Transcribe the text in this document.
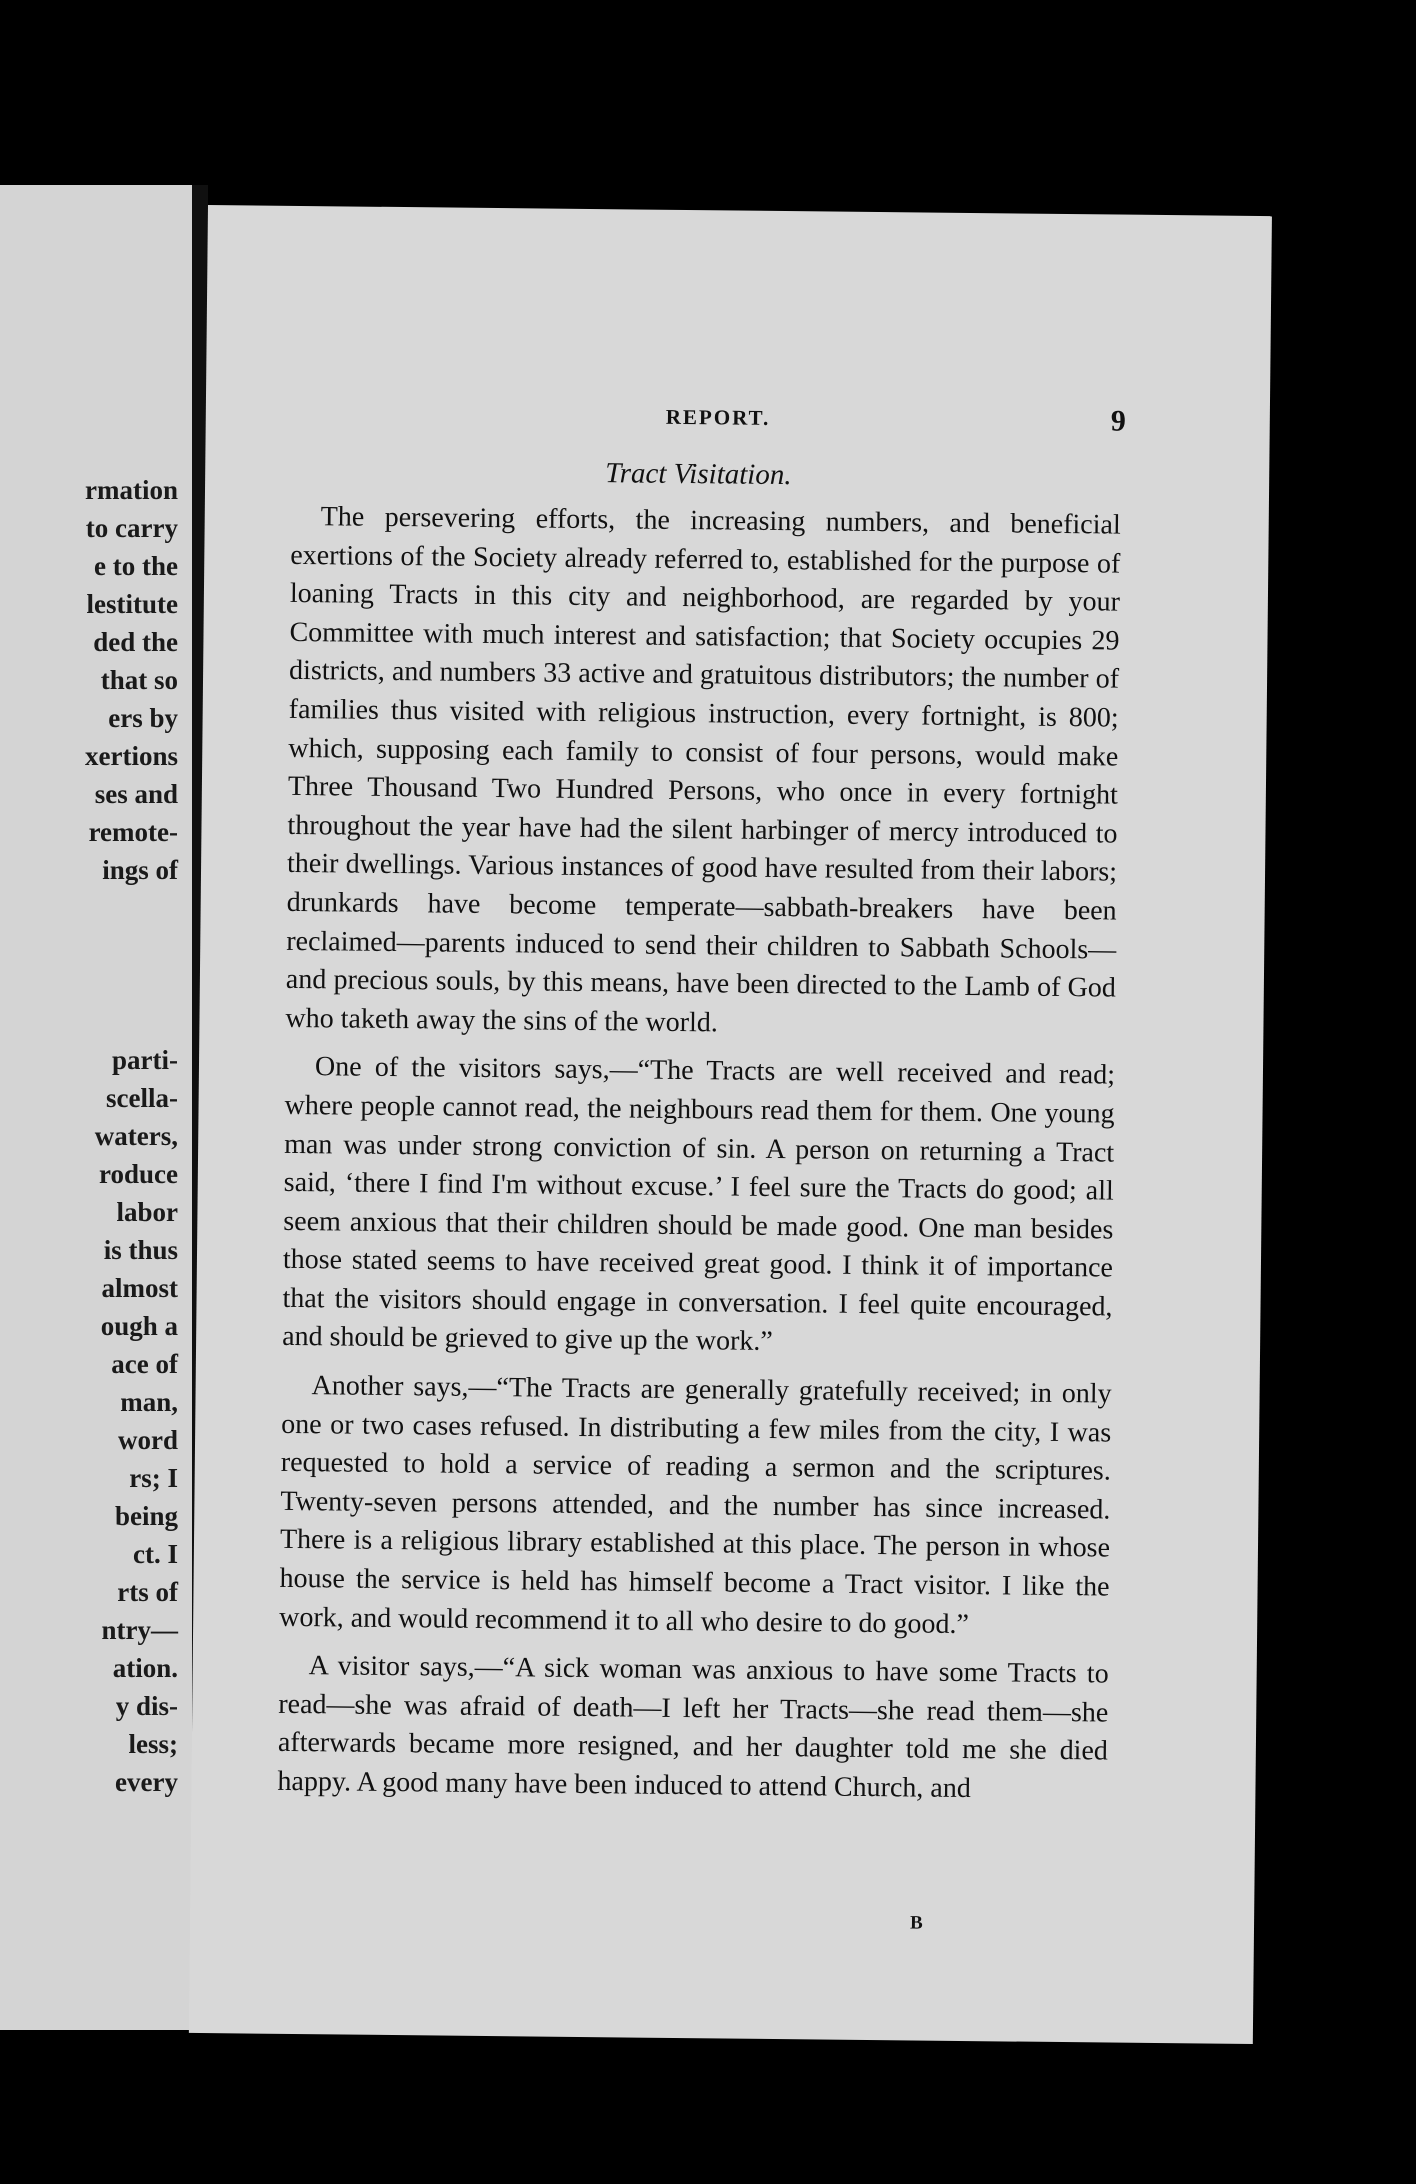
rmation
to carry
e to the
lestitute
ded the
that so
ers by
xertions
ses and
remote-
ings of
parti-
scella-
waters,
roduce
labor
is thus
almost
ough a
ace of
man,
word
rs; I
being
ct. I
rts of
ntry—
ation.
y dis-
less;
every
REPORT.	9
Tract Visitation.

The persevering efforts, the increasing numbers, and beneficial exertions of the Society already referred to, established for the purpose of loaning Tracts in this city and neighborhood, are regarded by your Committee with much interest and satisfaction; that Society occupies 29 districts, and numbers 33 active and gratuitous distributors; the number of families thus visited with religious instruction, every fortnight, is 800; which, supposing each family to consist of four persons, would make Three Thousand Two Hundred Persons, who once in every fortnight throughout the year have had the silent harbinger of mercy introduced to their dwellings. Various instances of good have resulted from their labors; drunkards have become temperate—sabbath-breakers have been reclaimed—parents induced to send their children to Sabbath Schools—and precious souls, by this means, have been directed to the Lamb of God who taketh away the sins of the world.

One of the visitors says,—“The Tracts are well received and read; where people cannot read, the neighbours read them for them. One young man was under strong conviction of sin. A person on returning a Tract said, ‘there I find I'm without excuse.’ I feel sure the Tracts do good; all seem anxious that their children should be made good. One man besides those stated seems to have received great good. I think it of importance that the visitors should engage in conversation. I feel quite encouraged, and should be grieved to give up the work.”

Another says,—“The Tracts are generally gratefully received; in only one or two cases refused. In distributing a few miles from the city, I was requested to hold a service of reading a sermon and the scriptures. Twenty-seven persons attended, and the number has since increased. There is a religious library established at this place. The person in whose house the service is held has himself become a Tract visitor. I like the work, and would recommend it to all who desire to do good.”

A visitor says,—“A sick woman was anxious to have some Tracts to read—she was afraid of death—I left her Tracts—she read them—she afterwards became more resigned, and her daughter told me she died happy. A good many have been induced to attend Church, and

B
